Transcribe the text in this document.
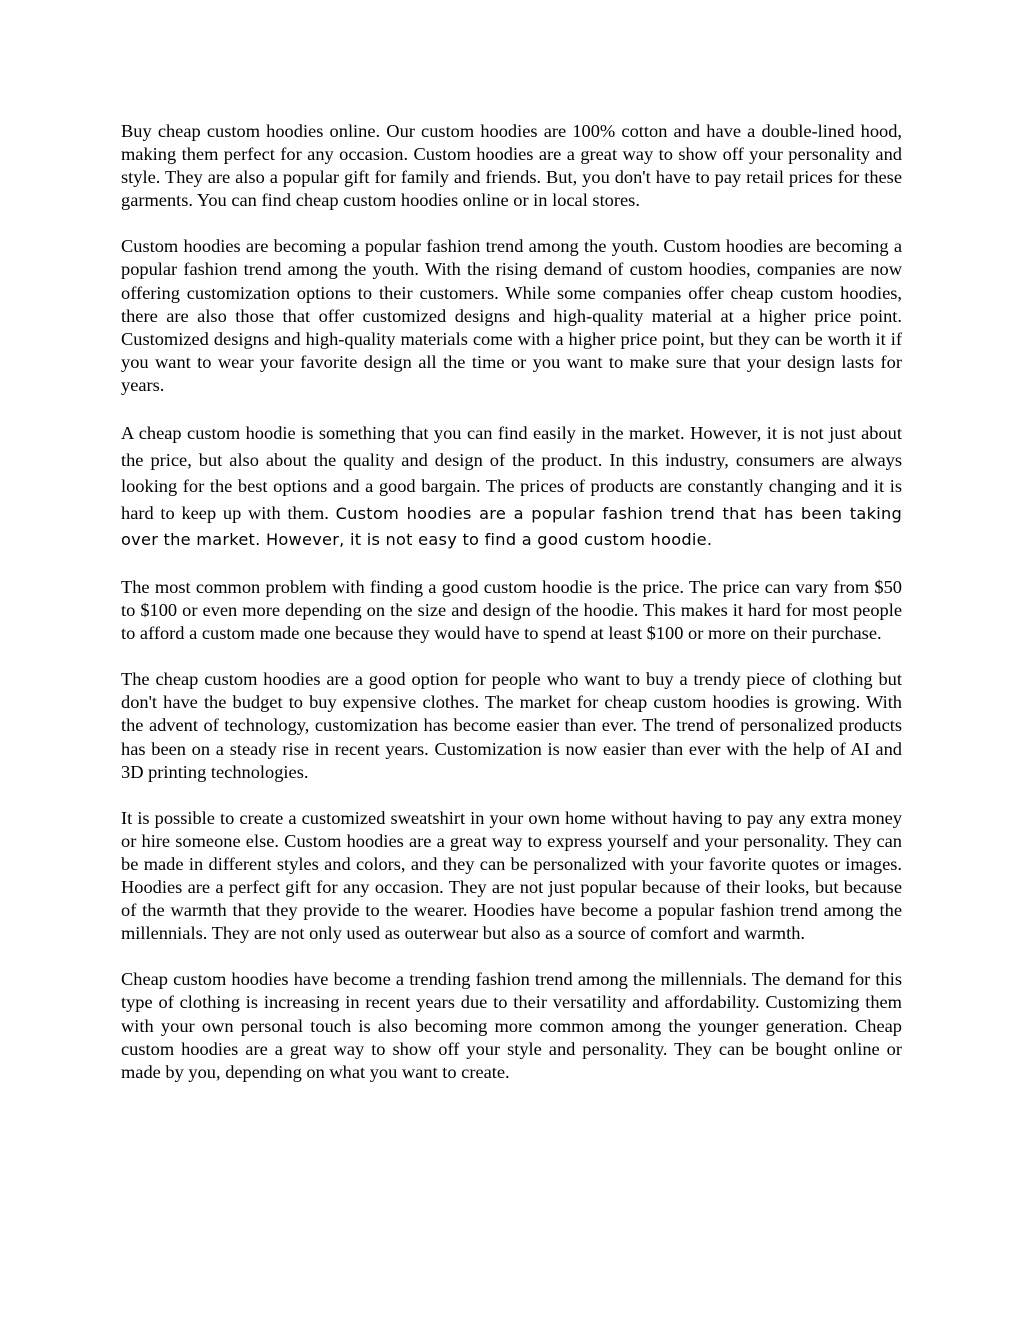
Buy cheap custom hoodies online. Our custom hoodies are 100% cotton and have a double-lined hood, making them perfect for any occasion. Custom hoodies are a great way to show off your personality and style. They are also a popular gift for family and friends. But, you don't have to pay retail prices for these garments. You can find cheap custom hoodies online or in local stores.

Custom hoodies are becoming a popular fashion trend among the youth. Custom hoodies are becoming a popular fashion trend among the youth. With the rising demand of custom hoodies, companies are now offering customization options to their customers. While some companies offer cheap custom hoodies, there are also those that offer customized designs and high-quality material at a higher price point. Customized designs and high-quality materials come with a higher price point, but they can be worth it if you want to wear your favorite design all the time or you want to make sure that your design lasts for years.

A cheap custom hoodie is something that you can find easily in the market. However, it is not just about the price, but also about the quality and design of the product. In this industry, consumers are always looking for the best options and a good bargain. The prices of products are constantly changing and it is hard to keep up with them. Custom hoodies are a popular fashion trend that has been taking over the market. However, it is not easy to find a good custom hoodie.

The most common problem with finding a good custom hoodie is the price. The price can vary from $50 to $100 or even more depending on the size and design of the hoodie. This makes it hard for most people to afford a custom made one because they would have to spend at least $100 or more on their purchase.

The cheap custom hoodies are a good option for people who want to buy a trendy piece of clothing but don't have the budget to buy expensive clothes. The market for cheap custom hoodies is growing. With the advent of technology, customization has become easier than ever. The trend of personalized products has been on a steady rise in recent years. Customization is now easier than ever with the help of AI and 3D printing technologies.

It is possible to create a customized sweatshirt in your own home without having to pay any extra money or hire someone else. Custom hoodies are a great way to express yourself and your personality. They can be made in different styles and colors, and they can be personalized with your favorite quotes or images. Hoodies are a perfect gift for any occasion. They are not just popular because of their looks, but because of the warmth that they provide to the wearer. Hoodies have become a popular fashion trend among the millennials. They are not only used as outerwear but also as a source of comfort and warmth.

Cheap custom hoodies have become a trending fashion trend among the millennials. The demand for this type of clothing is increasing in recent years due to their versatility and affordability. Customizing them with your own personal touch is also becoming more common among the younger generation. Cheap custom hoodies are a great way to show off your style and personality. They can be bought online or made by you, depending on what you want to create.
